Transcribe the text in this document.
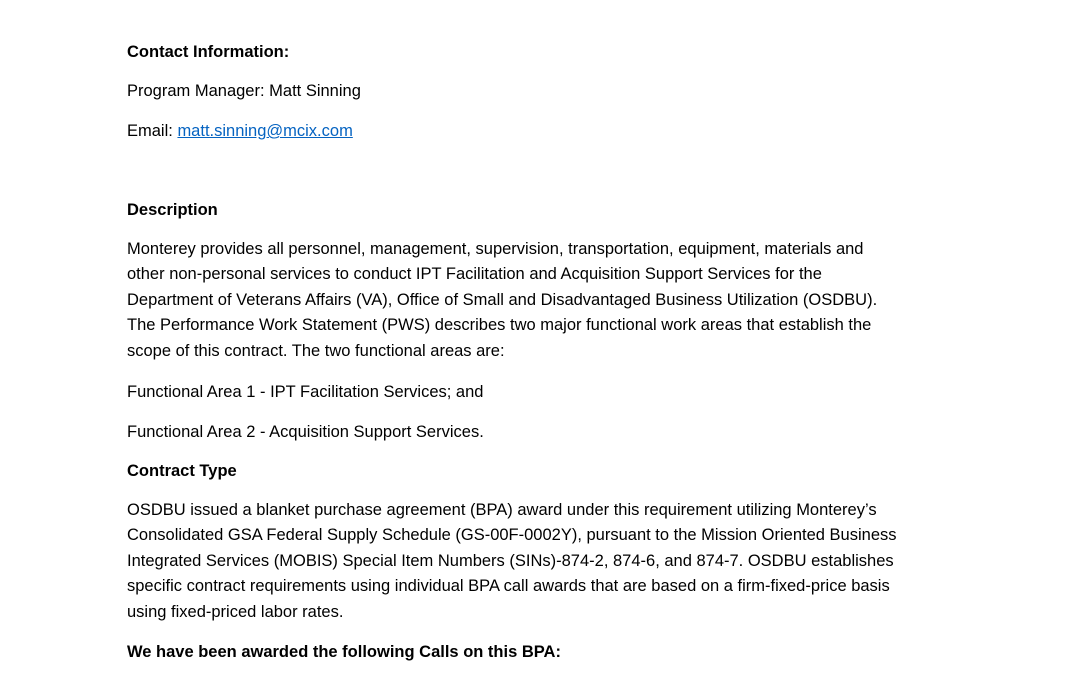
Contact Information:
Program Manager: Matt Sinning
Email: matt.sinning@mcix.com
Description

Monterey provides all personnel, management, supervision, transportation, equipment, materials and

other non-personal services to conduct IPT Facilitation and Acquisition Support Services for the

Department of Veterans Affairs (VA), Office of Small and Disadvantaged Business Utilization (OSDBU).

The Performance Work Statement (PWS) describes two major functional work areas that establish the

scope of this contract. The two functional areas are:

Functional Area 1 - IPT Facilitation Services; and
Functional Area 2 - Acquisition Support Services.
Contract Type

OSDBU issued a blanket purchase agreement (BPA) award under this requirement utilizing Monterey’s

Consolidated GSA Federal Supply Schedule (GS-00F-0002Y), pursuant to the Mission Oriented Business

Integrated Services (MOBIS) Special Item Numbers (SINs)-874-2, 874-6, and 874-7. OSDBU establishes

specific contract requirements using individual BPA call awards that are based on a firm-fixed-price basis

using fixed-priced labor rates.

We have been awarded the following Calls on this BPA:
